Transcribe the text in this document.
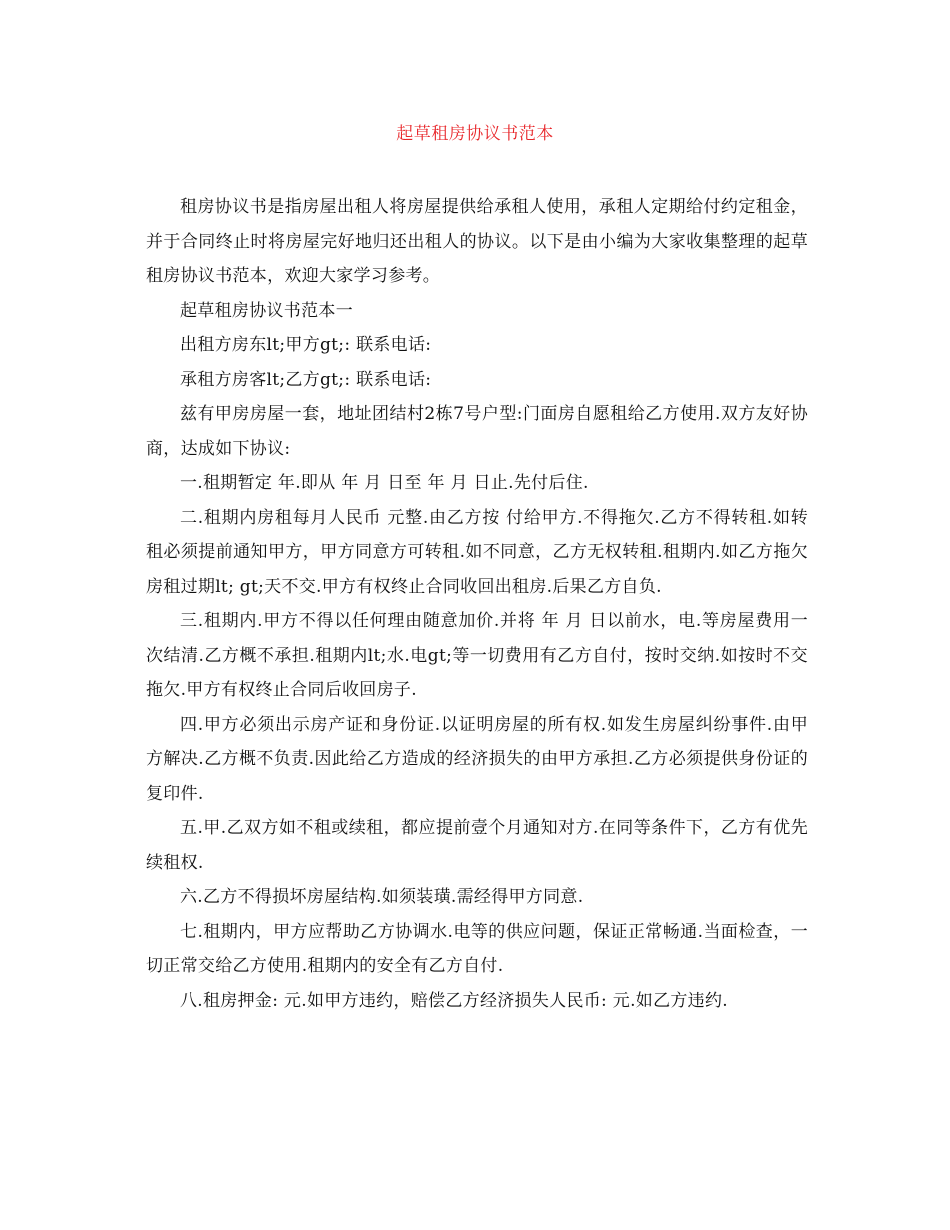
起草租房协议书范本

租房协议书是指房屋出租人将房屋提供给承租人使用，承租人定期给付约定租金，并于合同终止时将房屋完好地归还出租人的协议。以下是由小编为大家收集整理的起草租房协议书范本，欢迎大家学习参考。

起草租房协议书范本一

出租方房东lt;甲方gt;: 联系电话:

承租方房客lt;乙方gt;: 联系电话:

兹有甲房房屋一套，地址团结村2栋7号户型:门面房自愿租给乙方使用.双方友好协商，达成如下协议:

一.租期暂定 年.即从 年 月 日至 年 月 日止.先付后住.

二.租期内房租每月人民币 元整.由乙方按 付给甲方.不得拖欠.乙方不得转租.如转租必须提前通知甲方，甲方同意方可转租.如不同意，乙方无权转租.租期内.如乙方拖欠房租过期lt; gt;天不交.甲方有权终止合同收回出租房.后果乙方自负.

三.租期内.甲方不得以任何理由随意加价.并将 年 月 日以前水，电.等房屋费用一次结清.乙方概不承担.租期内lt;水.电gt;等一切费用有乙方自付，按时交纳.如按时不交拖欠.甲方有权终止合同后收回房子.

四.甲方必须出示房产证和身份证.以证明房屋的所有权.如发生房屋纠纷事件.由甲方解决.乙方概不负责.因此给乙方造成的经济损失的由甲方承担.乙方必须提供身份证的复印件.

五.甲.乙双方如不租或续租，都应提前壹个月通知对方.在同等条件下，乙方有优先续租权.

六.乙方不得损坏房屋结构.如须装璜.需经得甲方同意.

七.租期内，甲方应帮助乙方协调水.电等的供应问题，保证正常畅通.当面检查，一切正常交给乙方使用.租期内的安全有乙方自付.

八.租房押金: 元.如甲方违约，赔偿乙方经济损失人民币: 元.如乙方违约.
